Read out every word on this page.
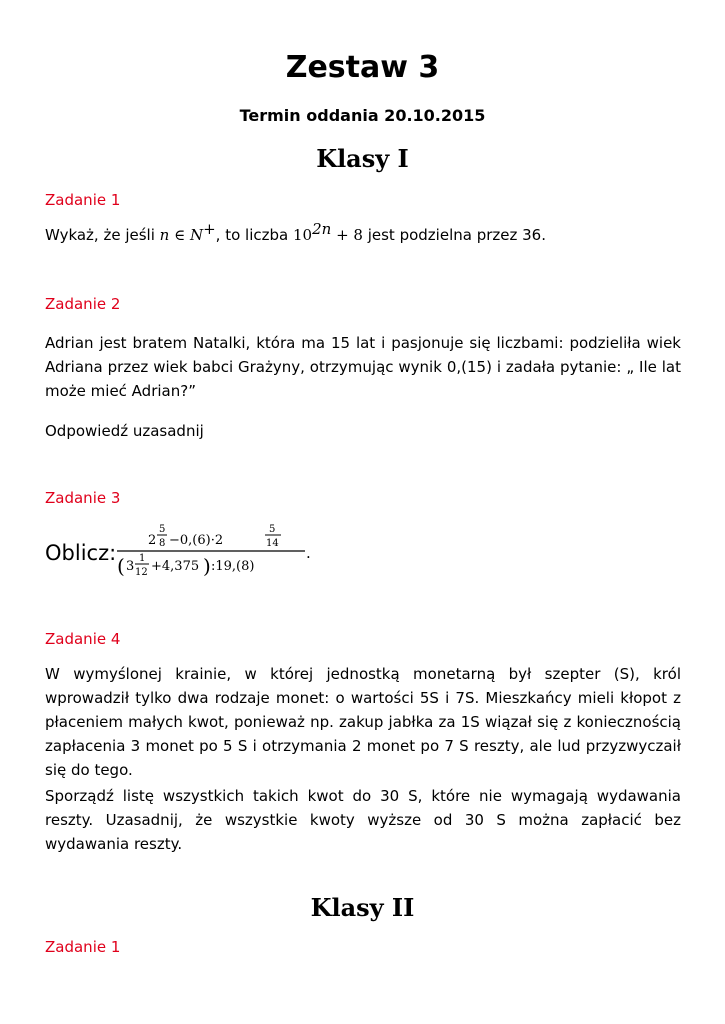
Zestaw 3
Termin oddania 20.10.2015
Klasy I
Zadanie 1
Wykaż, że jeśli n ∈ N+, to liczba $10^{2n} + 8$ jest podzielna przez 36.
Zadanie 2
Adrian jest bratem Natalki, która ma 15 lat i pasjonuje się liczbami: podzieliła wiek Adriana przez wiek babci Grażyny, otrzymując wynik 0,(15) i zadała pytanie: „ Ile lat może mieć Adrian?”
Odpowiedź uzasadnij
Zadanie 3
Oblicz:
2
5
8 −0,(6)·2
5
14
( 3
1
12 +4,375 ) :19,(8)
.
Zadanie 4
W wymyślonej krainie, w której jednostką monetarną był szepter (S), król wprowadził tylko dwa rodzaje monet: o wartości 5S i 7S. Mieszkańcy mieli kłopot z płaceniem małych kwot, ponieważ np. zakup jabłka za 1S wiązał się z koniecznością zapłacenia 3 monet po 5 S i otrzymania 2 monet po 7 S reszty, ale lud przyzwyczaił się do tego.
Sporządź listę wszystkich takich kwot do 30 S, które nie wymagają wydawania reszty. Uzasadnij, że wszystkie kwoty wyższe od 30 S można zapłacić bez wydawania reszty.
Klasy II
Zadanie 1
